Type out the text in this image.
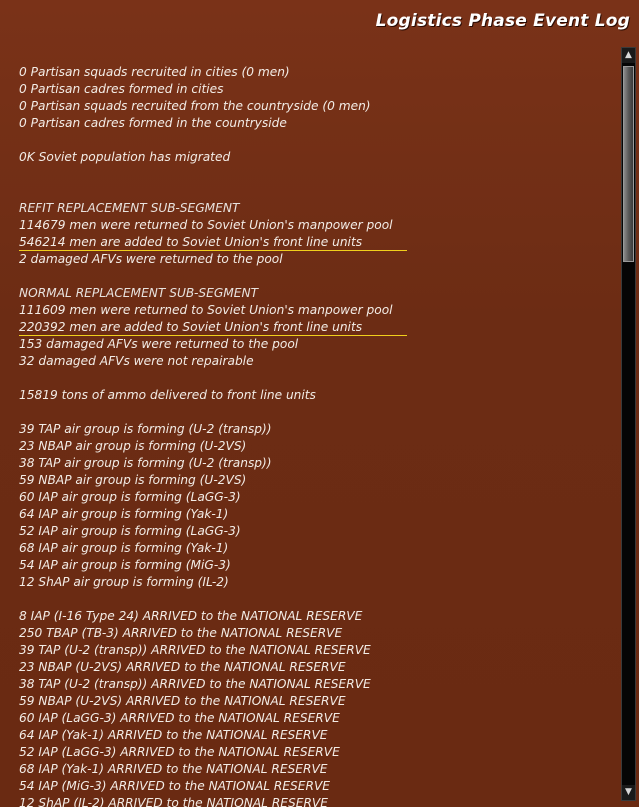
Logistics Phase Event Log
0 Partisan squads recruited in cities (0 men)
0 Partisan cadres formed in cities
0 Partisan squads recruited from the countryside (0 men)
0 Partisan cadres formed in the countryside
0K Soviet population has migrated
REFIT REPLACEMENT SUB-SEGMENT
114679 men were returned to Soviet Union's manpower pool
546214 men are added to Soviet Union's front line units
2 damaged AFVs were returned to the pool
NORMAL REPLACEMENT SUB-SEGMENT
111609 men were returned to Soviet Union's manpower pool
220392 men are added to Soviet Union's front line units
153 damaged AFVs were returned to the pool
32 damaged AFVs were not repairable
15819 tons of ammo delivered to front line units
39 TAP air group is forming (U-2 (transp))
23 NBAP air group is forming (U-2VS)
38 TAP air group is forming (U-2 (transp))
59 NBAP air group is forming (U-2VS)
60 IAP air group is forming (LaGG-3)
64 IAP air group is forming (Yak-1)
52 IAP air group is forming (LaGG-3)
68 IAP air group is forming (Yak-1)
54 IAP air group is forming (MiG-3)
12 ShAP air group is forming (IL-2)
8 IAP (I-16 Type 24) ARRIVED to the NATIONAL RESERVE
250 TBAP (TB-3) ARRIVED to the NATIONAL RESERVE
39 TAP (U-2 (transp)) ARRIVED to the NATIONAL RESERVE
23 NBAP (U-2VS) ARRIVED to the NATIONAL RESERVE
38 TAP (U-2 (transp)) ARRIVED to the NATIONAL RESERVE
59 NBAP (U-2VS) ARRIVED to the NATIONAL RESERVE
60 IAP (LaGG-3) ARRIVED to the NATIONAL RESERVE
64 IAP (Yak-1) ARRIVED to the NATIONAL RESERVE
52 IAP (LaGG-3) ARRIVED to the NATIONAL RESERVE
68 IAP (Yak-1) ARRIVED to the NATIONAL RESERVE
54 IAP (MiG-3) ARRIVED to the NATIONAL RESERVE
12 ShAP (IL-2) ARRIVED to the NATIONAL RESERVE
▲
▼
